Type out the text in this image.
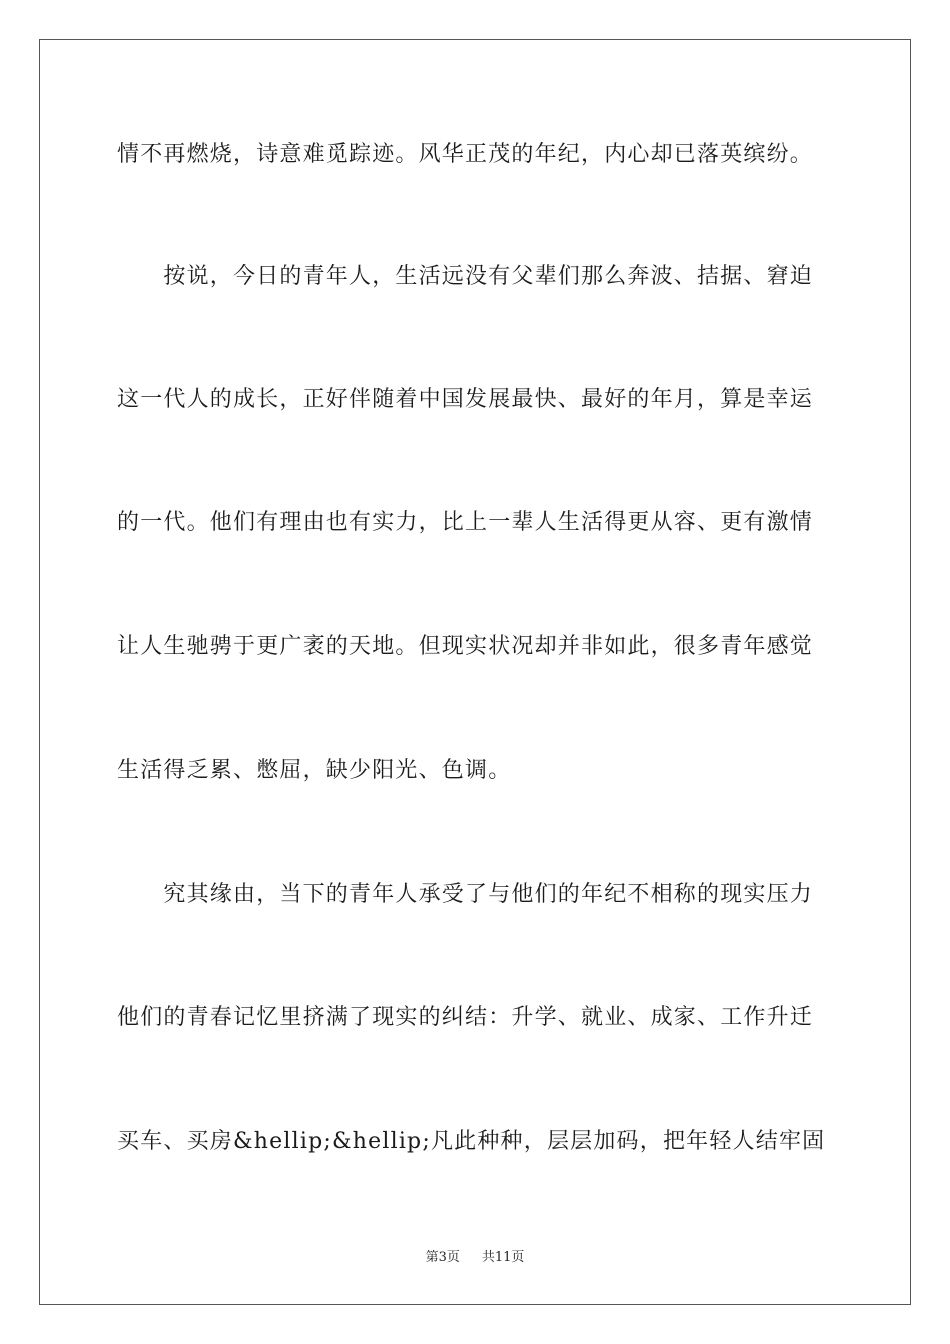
情不再燃烧，诗意难觅踪迹。风华正茂的年纪，内心却已落英缤纷。
　　按说，今日的青年人，生活远没有父辈们那么奔波、拮据、窘迫
这一代人的成长，正好伴随着中国发展最快、最好的年月，算是幸运
的一代。他们有理由也有实力，比上一辈人生活得更从容、更有激情
让人生驰骋于更广袤的天地。但现实状况却并非如此，很多青年感觉
生活得乏累、憋屈，缺少阳光、色调。
　　究其缘由，当下的青年人承受了与他们的年纪不相称的现实压力
他们的青春记忆里挤满了现实的纠结：升学、就业、成家、工作升迁
买车、买房&hellip;&hellip;凡此种种，层层加码，把年轻人结牢固
第3页 共11页
